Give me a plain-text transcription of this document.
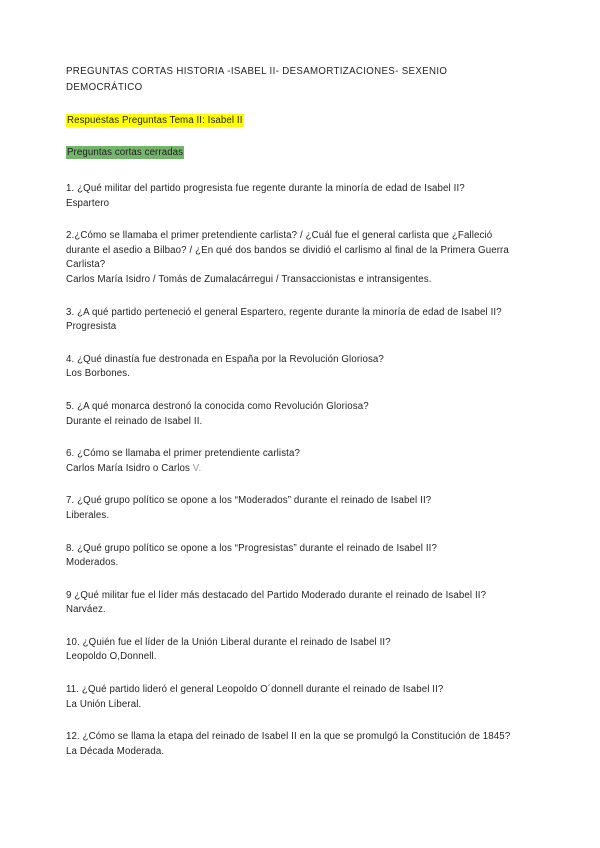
PREGUNTAS CORTAS HISTORIA -ISABEL II- DESAMORTIZACIONES- SEXENIO DEMOCRÁTICO

Respuestas Preguntas Tema II: Isabel II

Preguntas cortas cerradas

1. ¿Qué militar del partido progresista fue regente durante la minoría de edad de Isabel II?

Espartero

2.¿Cómo se llamaba el primer pretendiente carlista? / ¿Cuál fue el general carlista que ¿Falleció durante el asedio a Bilbao? / ¿En qué dos bandos se dividió el carlismo al final de la Primera Guerra Carlista?

Carlos María Isidro / Tomás de Zumalacárregui / Transaccionistas e intransigentes.

3. ¿A qué partido perteneció el general Espartero, regente durante la minoría de edad de Isabel II?

Progresista

4. ¿Qué dinastía fue destronada en España por la Revolución Gloriosa?

Los Borbones.

5. ¿A qué monarca destronó la conocida como Revolución Gloriosa?

Durante el reinado de Isabel II.

6. ¿Cómo se llamaba el primer pretendiente carlista?

Carlos María Isidro o Carlos V.

7. ¿Qué grupo político se opone a los “Moderados” durante el reinado de Isabel II?

Liberales.

8. ¿Qué grupo político se opone a los “Progresistas” durante el reinado de Isabel II?

Moderados.

9 ¿Qué militar fue el líder más destacado del Partido Moderado durante el reinado de Isabel II?

Narváez.

10. ¿Quién fue el líder de la Unión Liberal durante el reinado de Isabel II?

Leopoldo O,Donnell.

11. ¿Qué partido lideró el general Leopoldo O´donnell durante el reinado de Isabel II?

La Unión Liberal.

12. ¿Cómo se llama la etapa del reinado de Isabel II en la que se promulgó la Constitución de 1845?

La Década Moderada.
